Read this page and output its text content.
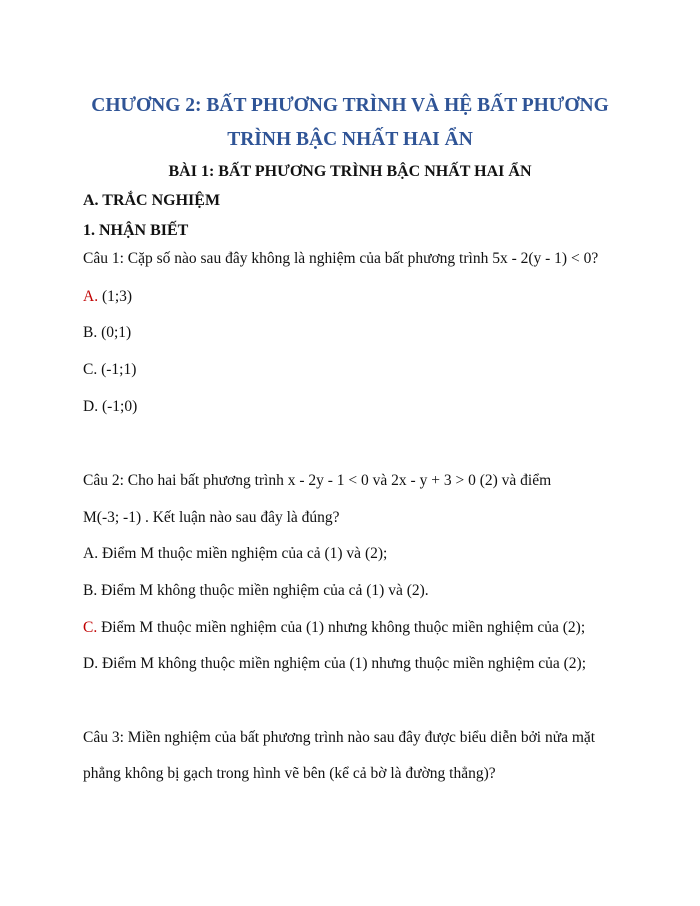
CHƯƠNG 2: BẤT PHƯƠNG TRÌNH VÀ HỆ BẤT PHƯƠNG
TRÌNH BẬC NHẤT HAI ẨN
BÀI 1: BẤT PHƯƠNG TRÌNH BẬC NHẤT HAI ẨN
A. TRẮC NGHIỆM
1. NHẬN BIẾT
Câu 1: Cặp số nào sau đây không là nghiệm của bất phương trình 5x - 2(y - 1) < 0?
A. (1;3)
B. (0;1)
C. (-1;1)
D. (-1;0)
Câu 2: Cho hai bất phương trình x - 2y - 1 < 0 và 2x - y + 3 > 0 (2) và điểm
M(-3; -1) . Kết luận nào sau đây là đúng?
A. Điểm M thuộc miền nghiệm của cả (1) và (2);
B. Điểm M không thuộc miền nghiệm của cả (1) và (2).
C. Điểm M thuộc miền nghiệm của (1) nhưng không thuộc miền nghiệm của (2);
D. Điểm M không thuộc miền nghiệm của (1) nhưng thuộc miền nghiệm của (2);
Câu 3: Miền nghiệm của bất phương trình nào sau đây được biểu diễn bởi nửa mặt
phẳng không bị gạch trong hình vẽ bên (kể cả bờ là đường thẳng)?
